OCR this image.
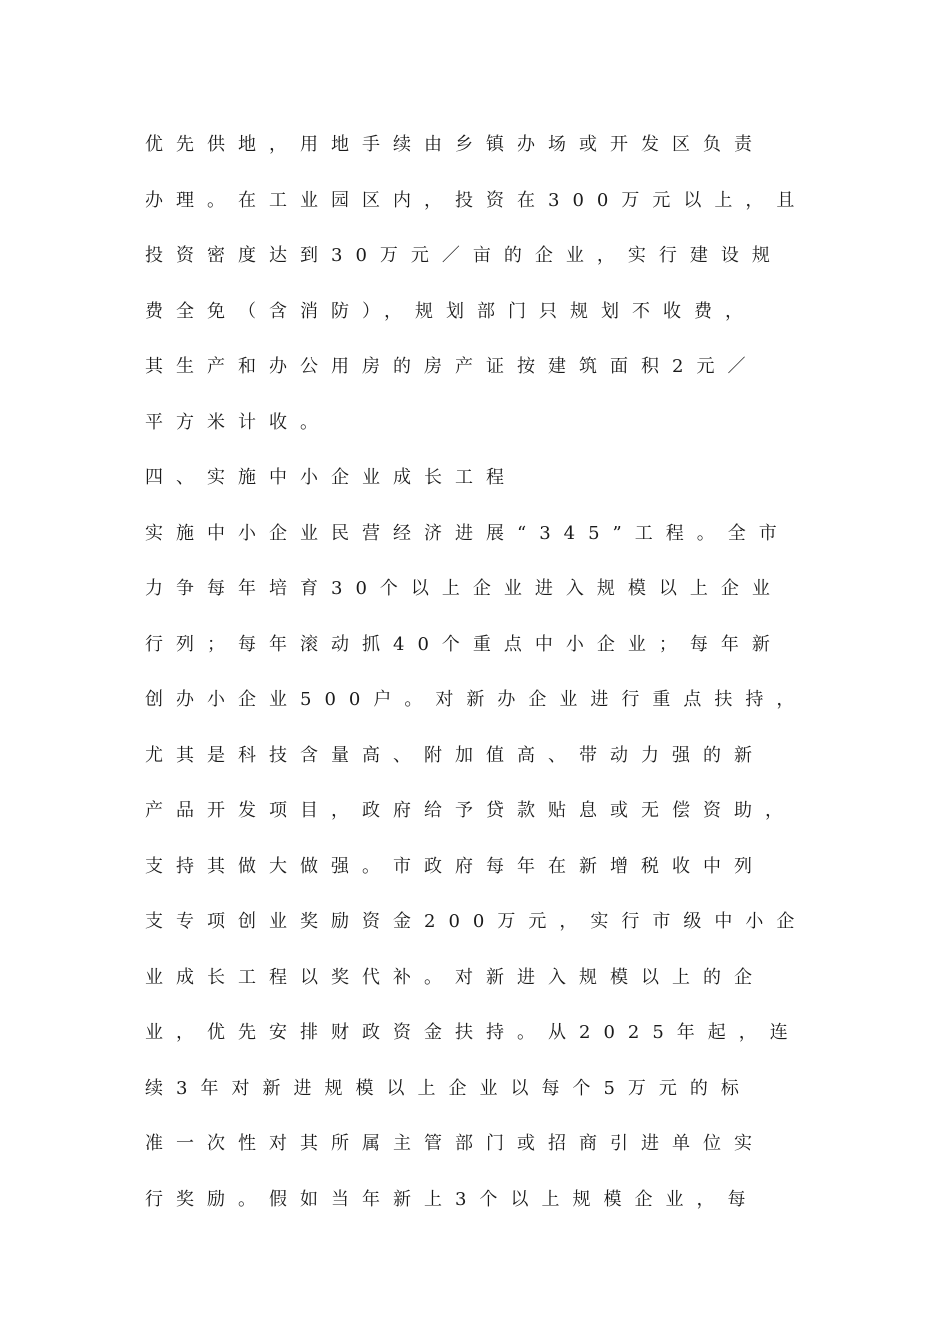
优先供地，用地手续由乡镇办场或开发区负责
办理。在工业园区内，投资在300万元以上，且
投资密度达到30万元／亩的企业，实行建设规
费全免（含消防），规划部门只规划不收费，
其生产和办公用房的房产证按建筑面积2元／
平方米计收。
四、实施中小企业成长工程
实施中小企业民营经济进展“345”工程。全市
力争每年培育30个以上企业进入规模以上企业
行列；每年滚动抓40个重点中小企业；每年新
创办小企业500户。对新办企业进行重点扶持，
尤其是科技含量高、附加值高、带动力强的新
产品开发项目，政府给予贷款贴息或无偿资助，
支持其做大做强。市政府每年在新增税收中列
支专项创业奖励资金200万元，实行市级中小企
业成长工程以奖代补。对新进入规模以上的企
业，优先安排财政资金扶持。从2025年起，连
续3年对新进规模以上企业以每个5万元的标
准一次性对其所属主管部门或招商引进单位实
行奖励。假如当年新上3个以上规模企业，每
